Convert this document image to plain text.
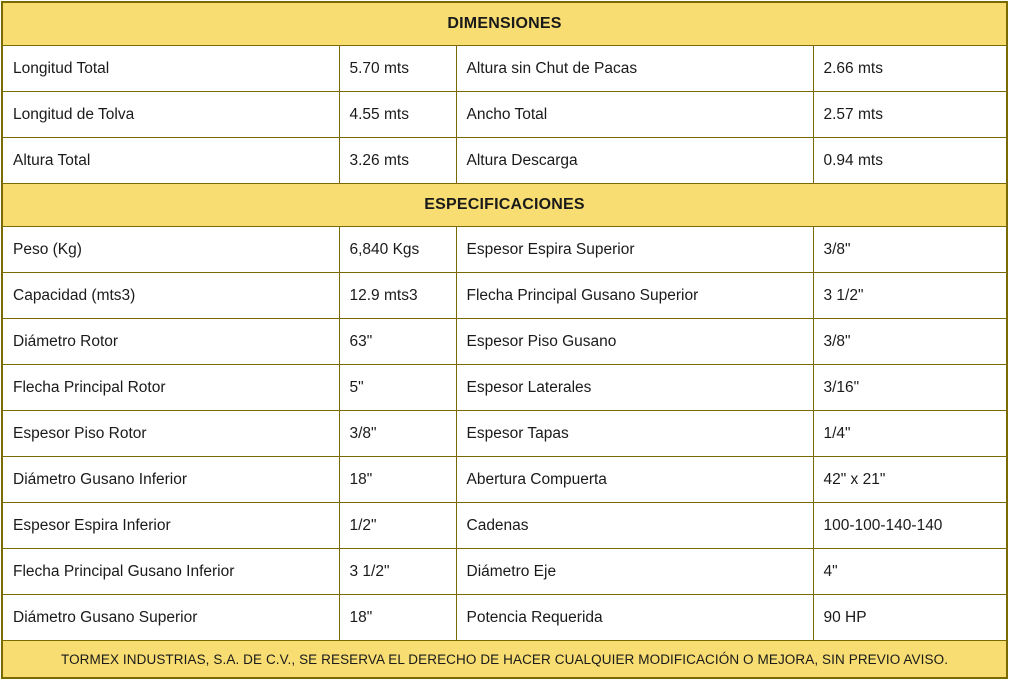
DIMENSIONES			
Longitud Total	5.70 mts	Altura sin Chut de Pacas	2.66 mts
Longitud de Tolva	4.55 mts	Ancho Total	2.57 mts
Altura Total	3.26 mts	Altura Descarga	0.94 mts
ESPECIFICACIONES			
Peso (Kg)	6,840 Kgs	Espesor Espira Superior	3/8"
Capacidad (mts3)	12.9 mts3	Flecha Principal Gusano Superior	3 1/2"
Diámetro Rotor	63"	Espesor Piso Gusano	3/8"
Flecha Principal Rotor	5"	Espesor Laterales	3/16"
Espesor Piso Rotor	3/8"	Espesor Tapas	1/4"
Diámetro Gusano Inferior	18"	Abertura Compuerta	42" x 21"
Espesor Espira Inferior	1/2"	Cadenas	100-100-140-140
Flecha Principal Gusano Inferior	3 1/2"	Diámetro Eje	4"
Diámetro Gusano Superior	18"	Potencia Requerida	90 HP
TORMEX INDUSTRIAS, S.A. DE C.V., SE RESERVA EL DERECHO DE HACER CUALQUIER MODIFICACIÓN O MEJORA, SIN PREVIO AVISO.			
